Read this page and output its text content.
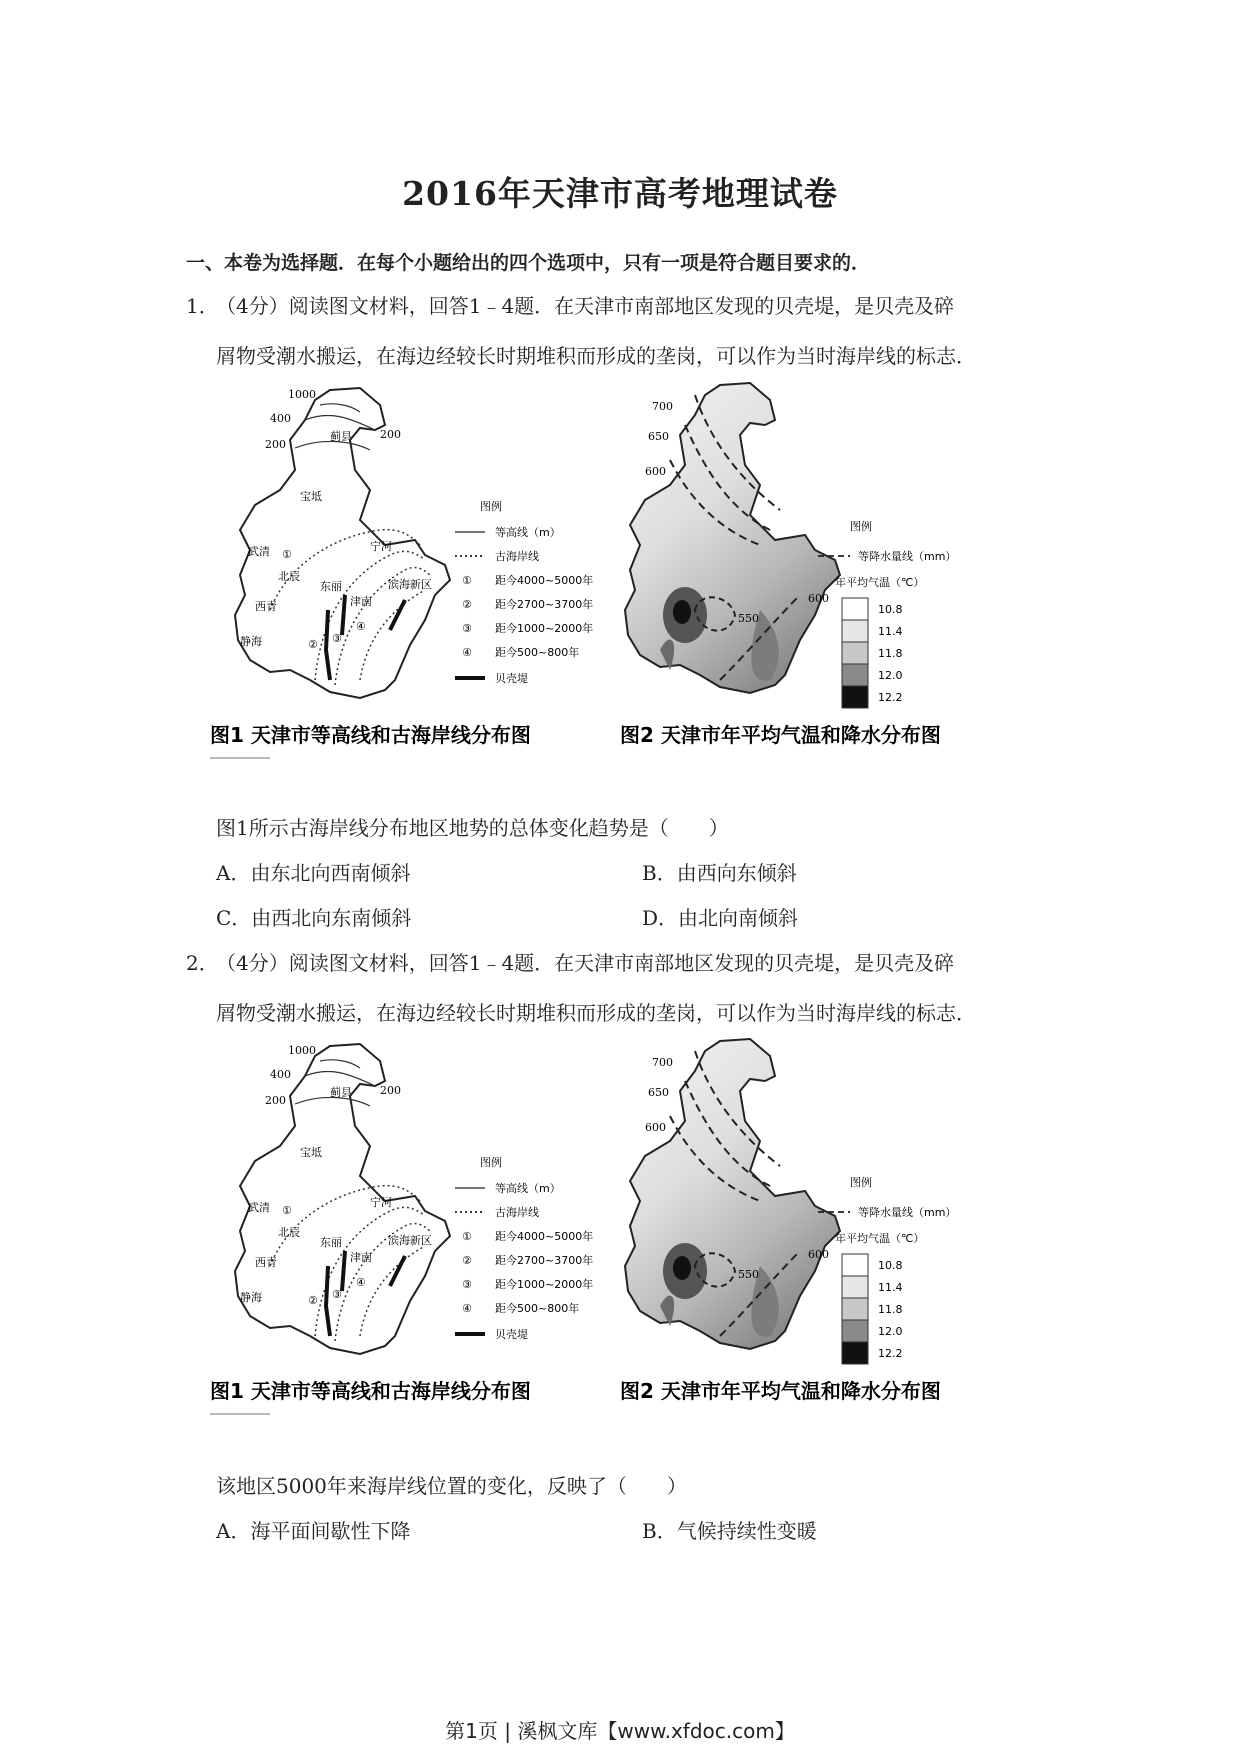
2016年天津市高考地理试卷
一、本卷为选择题．在每个小题给出的四个选项中，只有一项是符合题目要求的．
1．
（4分）阅读图文材料，回答1﹣4题．在天津市南部地区发现的贝壳堤，是贝壳及碎
屑物受潮水搬运，在海边经较长时期堆积而形成的垄岗，可以作为当时海岸线的标志．
1000
400
200
200
蓟县
宝坻
武清	宁河
北辰
东丽
津南
滨海新区
西青
静海
①
② ③
④
图例
等高线（m）
古海岸线
① 距今4000~5000年
② 距今2700~3700年
③ 距今1000~2000年
④ 距今500~800年
贝壳堤
700
650
600
550
600
图例
等降水量线（mm）
年平均气温（℃）
10.8
11.4
11.8
12.0
12.2
图1 天津市等高线和古海岸线分布图	图2 天津市年平均气温和降水分布图
图1所示古海岸线分布地区地势的总体变化趋势是（　　）
A．由东北向西南倾斜	B．由西向东倾斜
C．由西北向东南倾斜	D．由北向南倾斜
2．
（4分）阅读图文材料，回答1﹣4题．在天津市南部地区发现的贝壳堤，是贝壳及碎
屑物受潮水搬运，在海边经较长时期堆积而形成的垄岗，可以作为当时海岸线的标志．
1000
400
200
200
蓟县
宝坻
武清	宁河
北辰
东丽
津南
滨海新区
西青
静海
①
② ③
④
图例
等高线（m）
古海岸线
① 距今4000~5000年
② 距今2700~3700年
③ 距今1000~2000年
④ 距今500~800年
贝壳堤
700
650
600
550
600
图例
等降水量线（mm）
年平均气温（℃）
10.8
11.4
11.8
12.0
12.2
图1 天津市等高线和古海岸线分布图	图2 天津市年平均气温和降水分布图
该地区5000年来海岸线位置的变化，反映了（　　）
A．海平面间歇性下降	B．气候持续性变暖
第1页 | 溪枫文库【www.xfdoc.com】
